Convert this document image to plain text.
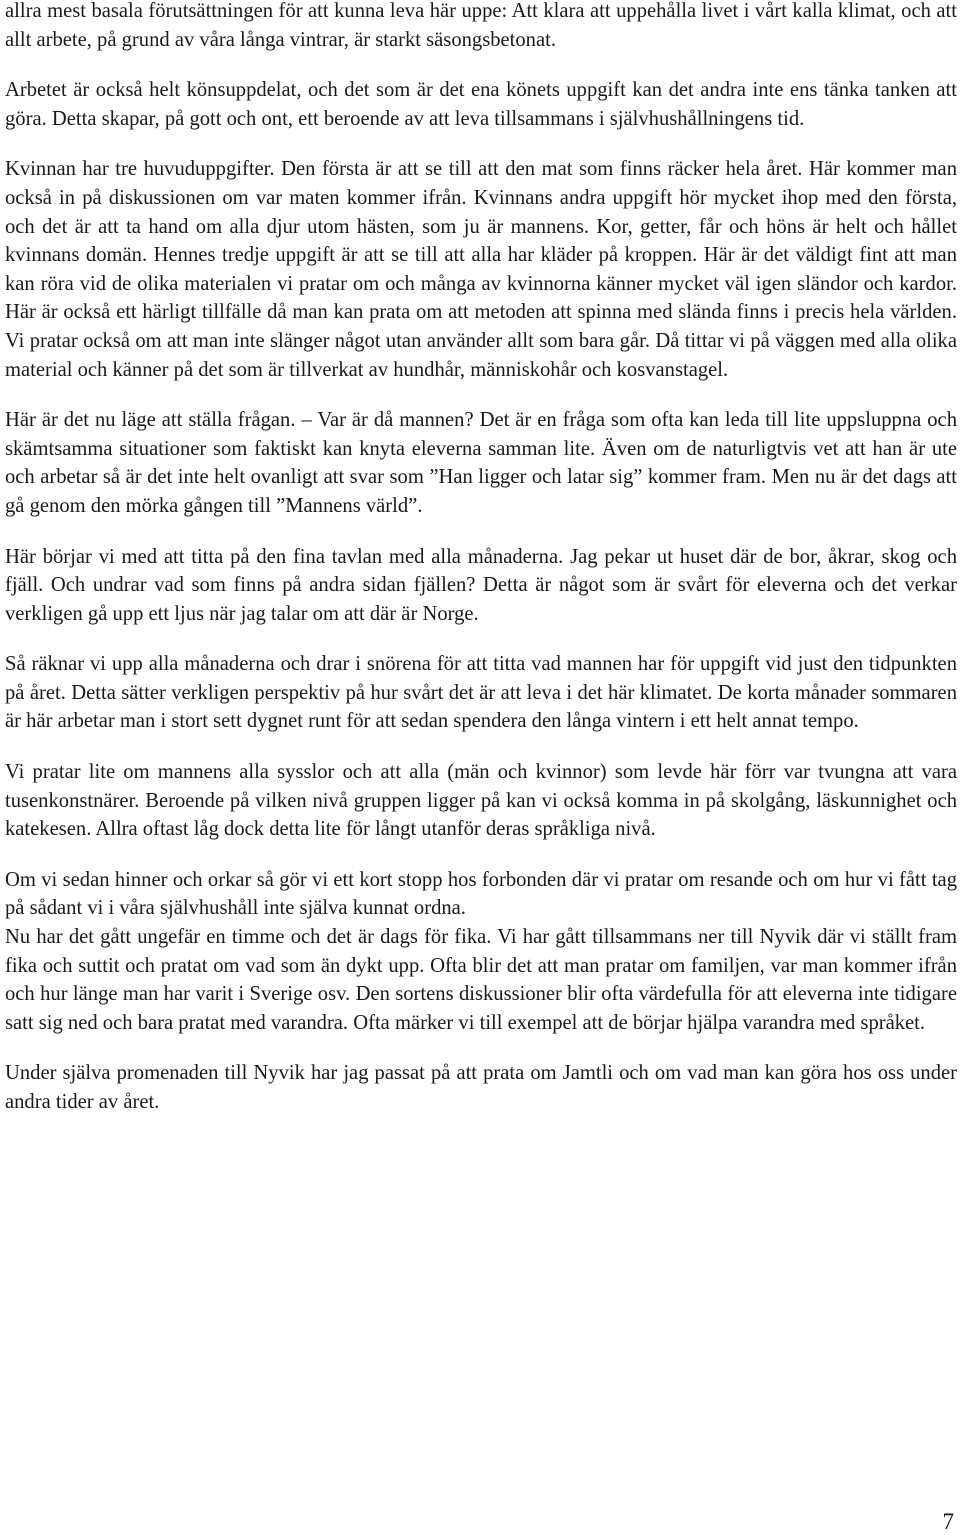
allra mest basala förutsättningen för att kunna leva här uppe: Att klara att uppehålla livet i vårt kalla klimat, och att allt arbete, på grund av våra långa vintrar, är starkt säsongsbetonat.

Arbetet är också helt könsuppdelat, och det som är det ena könets uppgift kan det andra inte ens tänka tanken att göra. Detta skapar, på gott och ont, ett beroende av att leva tillsammans i självhushållningens tid.

Kvinnan har tre huvuduppgifter. Den första är att se till att den mat som finns räcker hela året. Här kommer man också in på diskussionen om var maten kommer ifrån. Kvinnans andra uppgift hör mycket ihop med den första, och det är att ta hand om alla djur utom hästen, som ju är mannens. Kor, getter, får och höns är helt och hållet kvinnans domän. Hennes tredje uppgift är att se till att alla har kläder på kroppen. Här är det väldigt fint att man kan röra vid de olika materialen vi pratar om och många av kvinnorna känner mycket väl igen sländor och kardor. Här är också ett härligt tillfälle då man kan prata om att metoden att spinna med slända finns i precis hela världen. Vi pratar också om att man inte slänger något utan använder allt som bara går. Då tittar vi på väggen med alla olika material och känner på det som är tillverkat av hundhår, människohår och kosvanstagel.

Här är det nu läge att ställa frågan. – Var är då mannen? Det är en fråga som ofta kan leda till lite uppsluppna och skämtsamma situationer som faktiskt kan knyta eleverna samman lite. Även om de naturligtvis vet att han är ute och arbetar så är det inte helt ovanligt att svar som ”Han ligger och latar sig” kommer fram. Men nu är det dags att gå genom den mörka gången till ”Mannens värld”.

Här börjar vi med att titta på den fina tavlan med alla månaderna. Jag pekar ut huset där de bor, åkrar, skog och fjäll. Och undrar vad som finns på andra sidan fjällen? Detta är något som är svårt för eleverna och det verkar verkligen gå upp ett ljus när jag talar om att där är Norge.

Så räknar vi upp alla månaderna och drar i snörena för att titta vad mannen har för uppgift vid just den tidpunkten på året. Detta sätter verkligen perspektiv på hur svårt det är att leva i det här klimatet. De korta månader sommaren är här arbetar man i stort sett dygnet runt för att sedan spendera den långa vintern i ett helt annat tempo.

Vi pratar lite om mannens alla sysslor och att alla (män och kvinnor) som levde här förr var tvungna att vara tusenkonstnärer. Beroende på vilken nivå gruppen ligger på kan vi också komma in på skolgång, läskunnighet och katekesen. Allra oftast låg dock detta lite för långt utanför deras språkliga nivå.

Om vi sedan hinner och orkar så gör vi ett kort stopp hos forbonden där vi pratar om resande och om hur vi fått tag på sådant vi i våra självhushåll inte själva kunnat ordna.

Nu har det gått ungefär en timme och det är dags för fika. Vi har gått tillsammans ner till Nyvik där vi ställt fram fika och suttit och pratat om vad som än dykt upp. Ofta blir det att man pratar om familjen, var man kommer ifrån och hur länge man har varit i Sverige osv. Den sortens diskussioner blir ofta värdefulla för att eleverna inte tidigare satt sig ned och bara pratat med varandra. Ofta märker vi till exempel att de börjar hjälpa varandra med språket.

Under själva promenaden till Nyvik har jag passat på att prata om Jamtli och om vad man kan göra hos oss under andra tider av året.

7
